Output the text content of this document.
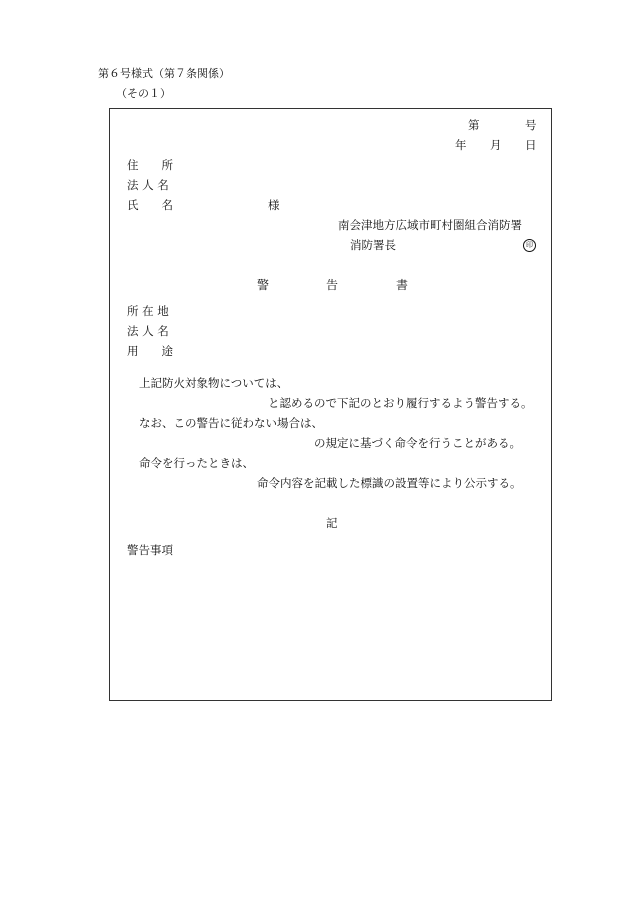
第６号様式（第７条関係）
（その１）
第	号
年 月 日
住　　所
法 人 名
氏　　名	様
南会津地方広域市町村圏組合消防署
消防署長	印
警	告	書
所 在 地
法 人 名
用　　途
上記防火対象物については、
と認めるので下記のとおり履行するよう警告する。
なお、この警告に従わない場合は、
の規定に基づく命令を行うことがある。
命令を行ったときは、
命令内容を記載した標識の設置等により公示する。
記
警告事項
